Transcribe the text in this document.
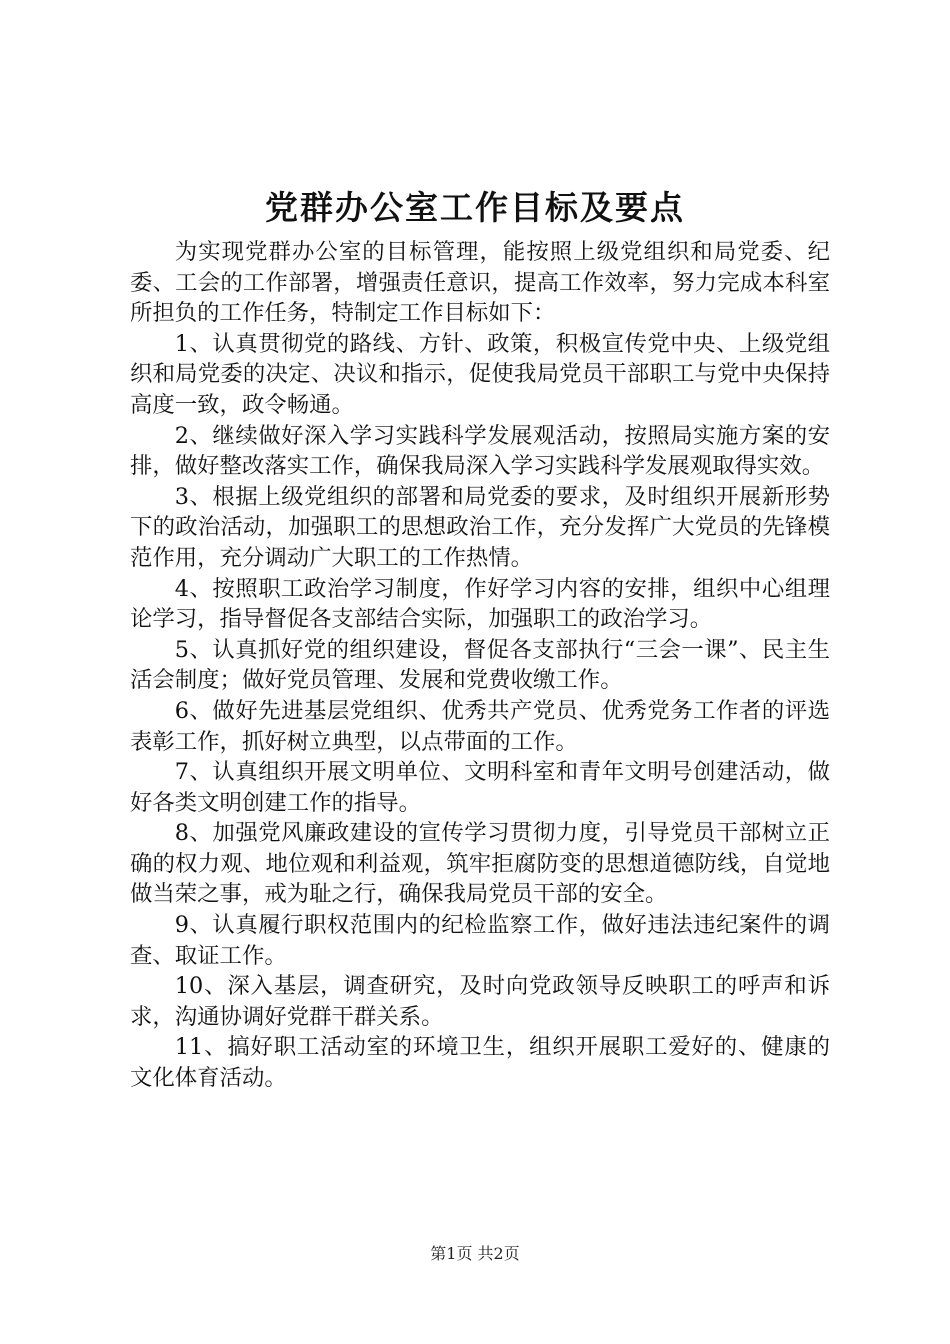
党群办公室工作目标及要点

为实现党群办公室的目标管理，能按照上级党组织和局党委、纪委、工会的工作部署，增强责任意识，提高工作效率，努力完成本科室所担负的工作任务，特制定工作目标如下：

1、认真贯彻党的路线、方针、政策，积极宣传党中央、上级党组织和局党委的决定、决议和指示，促使我局党员干部职工与党中央保持高度一致，政令畅通。

2、继续做好深入学习实践科学发展观活动，按照局实施方案的安排，做好整改落实工作，确保我局深入学习实践科学发展观取得实效。

3、根据上级党组织的部署和局党委的要求，及时组织开展新形势下的政治活动，加强职工的思想政治工作，充分发挥广大党员的先锋模范作用，充分调动广大职工的工作热情。

4、按照职工政治学习制度，作好学习内容的安排，组织中心组理论学习，指导督促各支部结合实际，加强职工的政治学习。

5、认真抓好党的组织建设，督促各支部执行“三会一课”、民主生活会制度；做好党员管理、发展和党费收缴工作。

6、做好先进基层党组织、优秀共产党员、优秀党务工作者的评选表彰工作，抓好树立典型，以点带面的工作。

7、认真组织开展文明单位、文明科室和青年文明号创建活动，做好各类文明创建工作的指导。

8、加强党风廉政建设的宣传学习贯彻力度，引导党员干部树立正确的权力观、地位观和利益观，筑牢拒腐防变的思想道德防线，自觉地做当荣之事，戒为耻之行，确保我局党员干部的安全。

9、认真履行职权范围内的纪检监察工作，做好违法违纪案件的调查、取证工作。

10、深入基层，调查研究，及时向党政领导反映职工的呼声和诉求，沟通协调好党群干群关系。

11、搞好职工活动室的环境卫生，组织开展职工爱好的、健康的文化体育活动。

第1页 共2页
